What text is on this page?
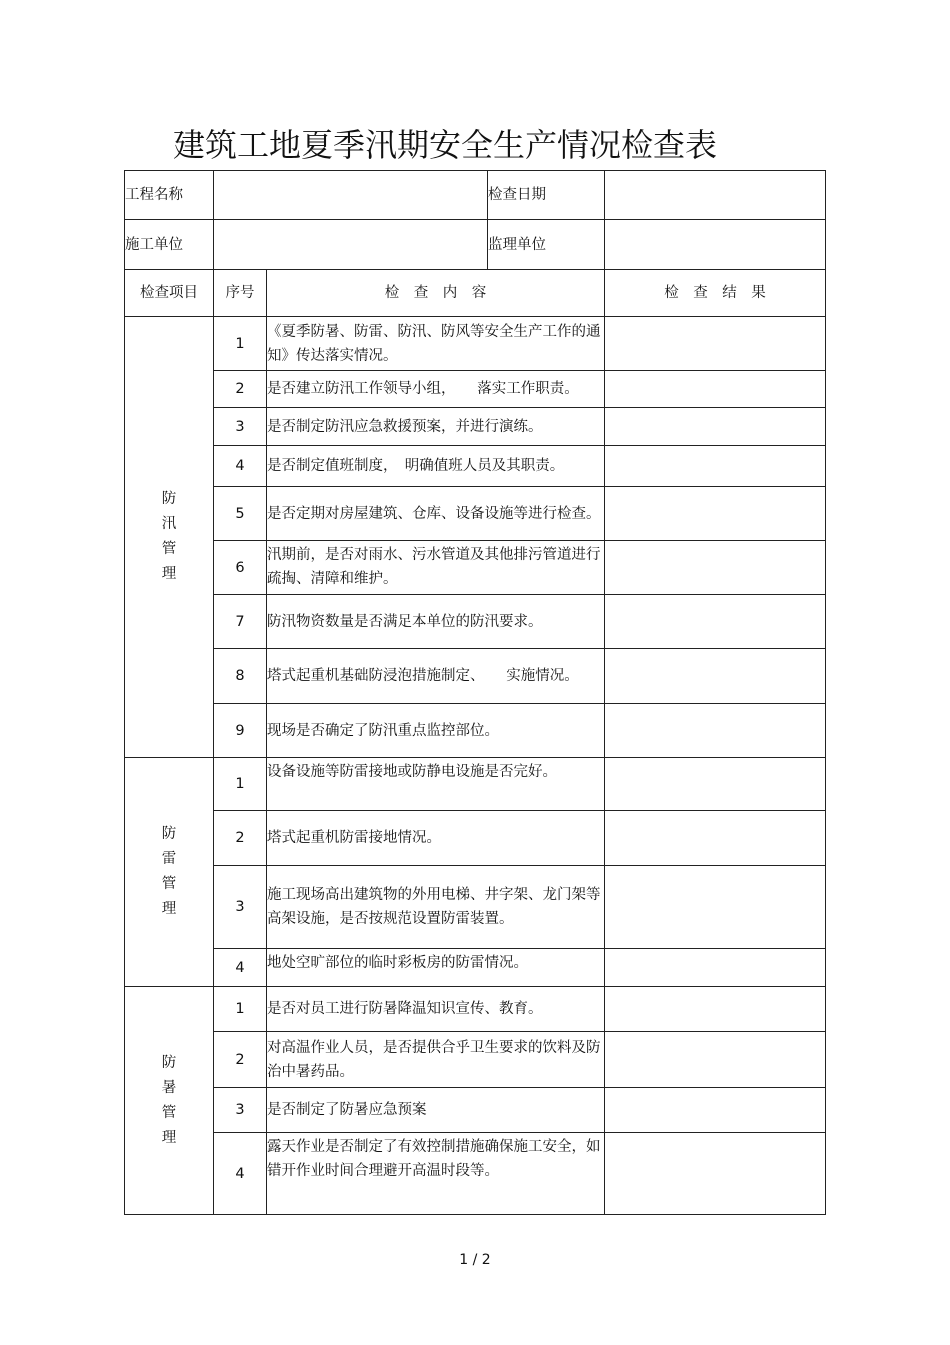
建筑工地夏季汛期安全生产情况检查表
工程名称			检查日期	
施工单位			监理单位	
检查项目	序号	检　查　内　容		检　查　结　果
防汛管理	1	《夏季防暑、防雷、防汛、防风等安全生产工作的通知》传达落实情况。		
	2	是否建立防汛工作领导小组，　　落实工作职责。		
	3	是否制定防汛应急救援预案，并进行演练。		
	4	是否制定值班制度，　明确值班人员及其职责。		
	5	是否定期对房屋建筑、仓库、设备设施等进行检查。		
	6	汛期前，是否对雨水、污水管道及其他排污管道进行疏掏、清障和维护。		
	7	防汛物资数量是否满足本单位的防汛要求。		
	8	塔式起重机基础防浸泡措施制定、　　实施情况。		
	9	现场是否确定了防汛重点监控部位。		
防雷管理	1	设备设施等防雷接地或防静电设施是否完好。		
	2	塔式起重机防雷接地情况。		
	3	施工现场高出建筑物的外用电梯、井字架、龙门架等高架设施，是否按规范设置防雷装置。		
	4	地处空旷部位的临时彩板房的防雷情况。		
防暑管理	1	是否对员工进行防暑降温知识宣传、教育。		
	2	对高温作业人员，是否提供合乎卫生要求的饮料及防治中暑药品。		
	3	是否制定了防暑应急预案		
	4	露天作业是否制定了有效控制措施确保施工安全，如错开作业时间合理避开高温时段等。		
1 / 2
